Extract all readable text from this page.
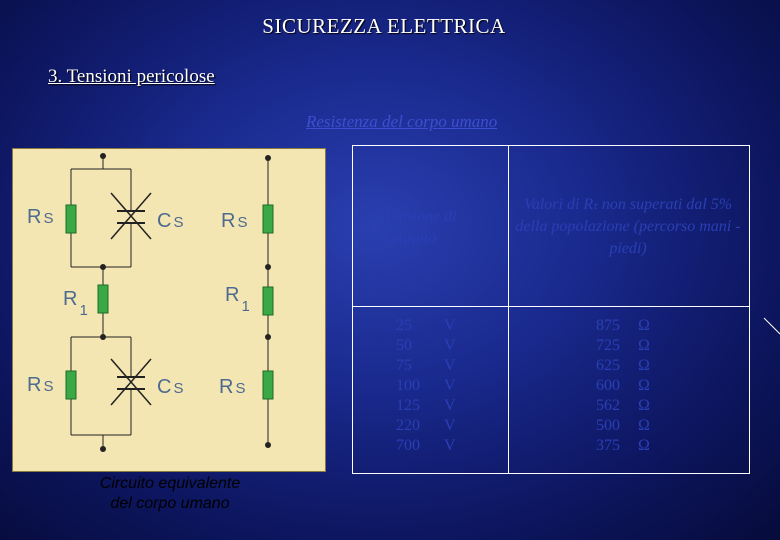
SICUREZZA ELETTRICA
3. Tensioni pericolose
Resistenza del corpo umano
R S	C S R S
$R_1$
$R_1$
R S	C S R S
Circuito equivalente
del corpo umano
Tensione di contatto
Valori di Rₜ non superati dal 5% della popolazione (percorso mani - piedi)
25
50
75
100
125
220
700
V
V
V
V
V
V
V
875
725
625
600
562
500
375
Ω
Ω
Ω
Ω
Ω
Ω
Ω
